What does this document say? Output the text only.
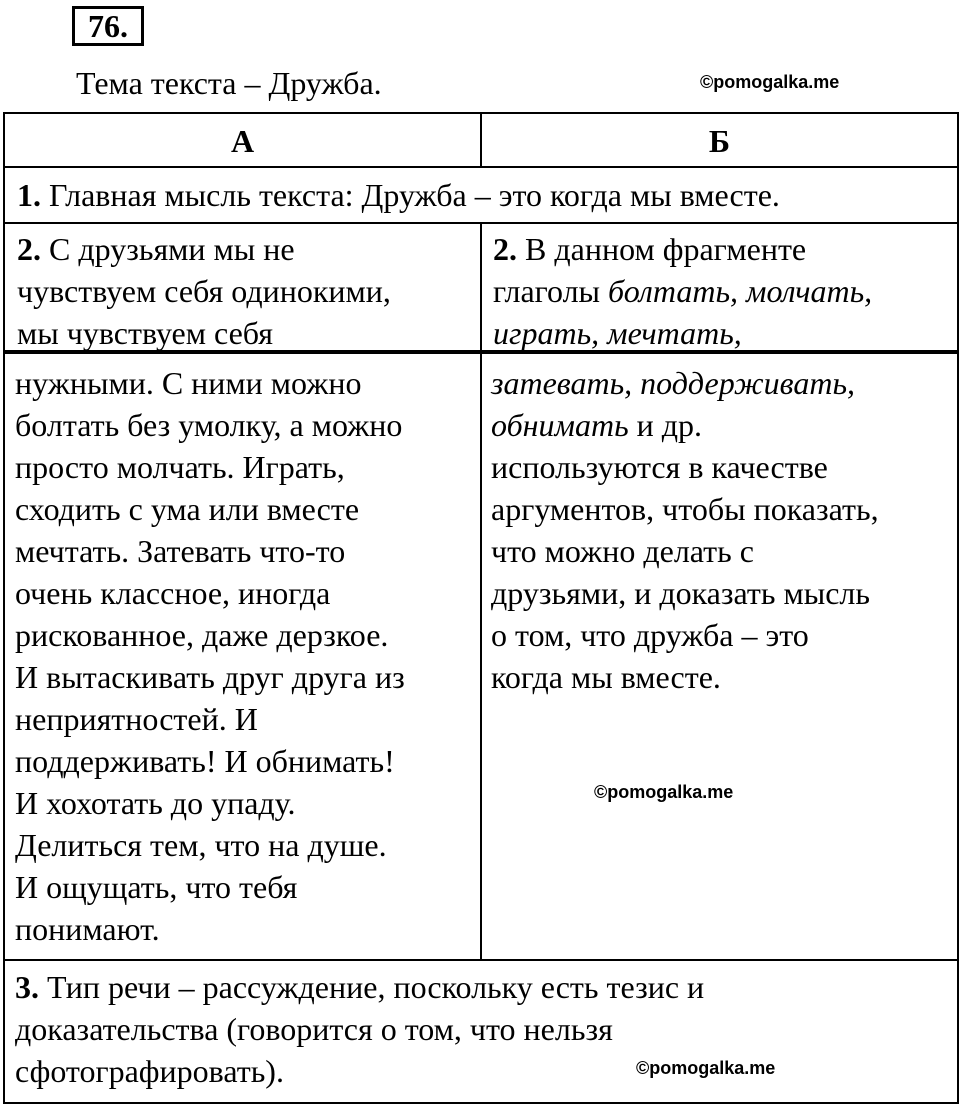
76.
Тема текста – Дружба.	©pomogalka.me
А	Б
1. Главная мысль текста: Дружба – это когда мы вместе.
2. С друзьями мы не
чувствуем себя одинокими,
мы чувствуем себя
2. В данном фрагменте
глаголы болтать, молчать,
играть, мечтать,
нужными. С ними можно
болтать без умолку, а можно
просто молчать. Играть,
сходить с ума или вместе
мечтать. Затевать что-то
очень классное, иногда
рискованное, даже дерзкое.
И вытаскивать друг друга из
неприятностей. И
поддерживать! И обнимать!
И хохотать до упаду.
Делиться тем, что на душе.
И ощущать, что тебя
понимают.
затевать, поддерживать,
обнимать и др.
используются в качестве
аргументов, чтобы показать,
что можно делать с
друзьями, и доказать мысль
о том, что дружба – это
когда мы вместе.
3. Тип речи – рассуждение, поскольку есть тезис и
доказательства (говорится о том, что нельзя
сфотографировать).
©pomogalka.me
©pomogalka.me
